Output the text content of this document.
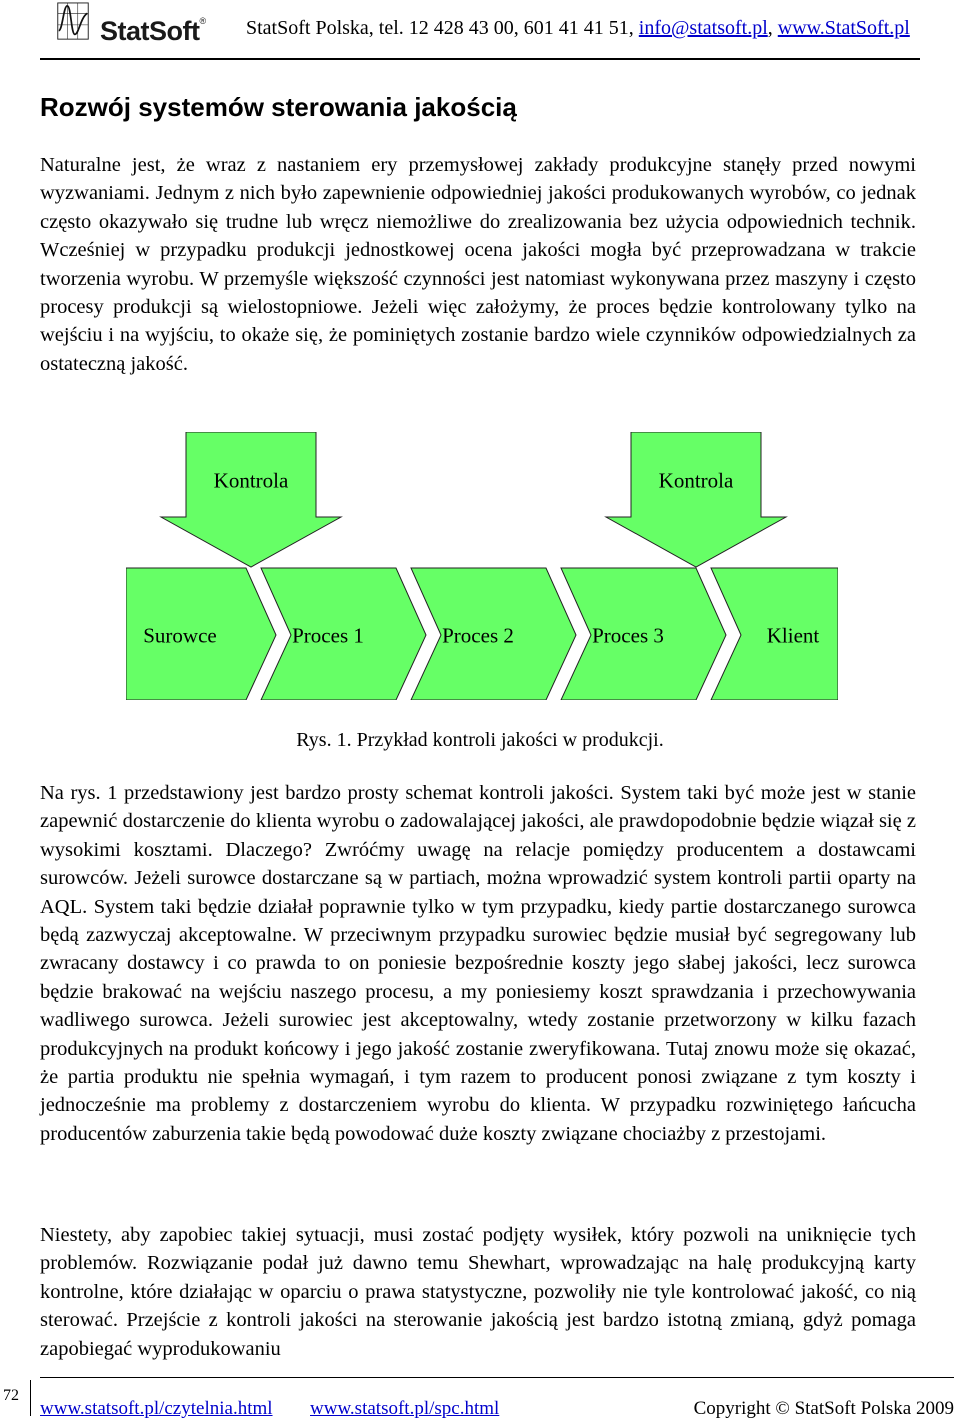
StatSoft® StatSoft Polska, tel. 12 428 43 00, 601 41 41 51, info@statsoft.pl, www.StatSoft.pl
Rozwój systemów sterowania jakością

Naturalne jest, że wraz z nastaniem ery przemysłowej zakłady produkcyjne stanęły przed nowymi wyzwaniami. Jednym z nich było zapewnienie odpowiedniej jakości produkowanych wyrobów, co jednak często okazywało się trudne lub wręcz niemożliwe do zrealizowania bez użycia odpowiednich technik. Wcześniej w przypadku produkcji jednostkowej ocena jakości mogła być przeprowadzana w trakcie tworzenia wyrobu. W przemyśle większość czynności jest natomiast wykonywana przez maszyny i często procesy produkcji są wielostopniowe. Jeżeli więc założymy, że proces będzie kontrolowany tylko na wejściu i na wyjściu, to okaże się, że pominiętych zostanie bardzo wiele czynników odpowiedzialnych za ostateczną jakość.

Kontrola	Kontrola
Surowce	Proces 1	Proces 2	Proces 3	Klient
Rys. 1. Przykład kontroli jakości w produkcji.

Na rys. 1 przedstawiony jest bardzo prosty schemat kontroli jakości. System taki być może jest w stanie zapewnić dostarczenie do klienta wyrobu o zadowalającej jakości, ale prawdopodobnie będzie wiązał się z wysokimi kosztami. Dlaczego? Zwróćmy uwagę na relacje pomiędzy producentem a dostawcami surowców. Jeżeli surowce dostarczane są w partiach, można wprowadzić system kontroli partii oparty na AQL. System taki będzie działał poprawnie tylko w tym przypadku, kiedy partie dostarczanego surowca będą zazwyczaj akceptowalne. W przeciwnym przypadku surowiec będzie musiał być segregowany lub zwracany dostawcy i co prawda to on poniesie bezpośrednie koszty jego słabej jakości, lecz surowca będzie brakować na wejściu naszego procesu, a my poniesiemy koszt sprawdzania i przechowywania wadliwego surowca. Jeżeli surowiec jest akceptowalny, wtedy zostanie przetworzony w kilku fazach produkcyjnych na produkt końcowy i jego jakość zostanie zweryfikowana. Tutaj znowu może się okazać, że partia produktu nie spełnia wymagań, i tym razem to producent ponosi związane z tym koszty i jednocześnie ma problemy z dostarczeniem wyrobu do klienta. W przypadku rozwiniętego łańcucha producentów zaburzenia takie będą powodować duże koszty związane chociażby z przestojami.

Niestety, aby zapobiec takiej sytuacji, musi zostać podjęty wysiłek, który pozwoli na uniknięcie tych problemów. Rozwiązanie podał już dawno temu Shewhart, wprowadzając na halę produkcyjną karty kontrolne, które działając w oparciu o prawa statystyczne, pozwoliły nie tyle kontrolować jakość, co nią sterować. Przejście z kontroli jakości na sterowanie jakością jest bardzo istotną zmianą, gdyż pomaga zapobiegać wyprodukowaniu

72
www.statsoft.pl/czytelnia.html www.statsoft.pl/spc.html	Copyright © StatSoft Polska 2009
